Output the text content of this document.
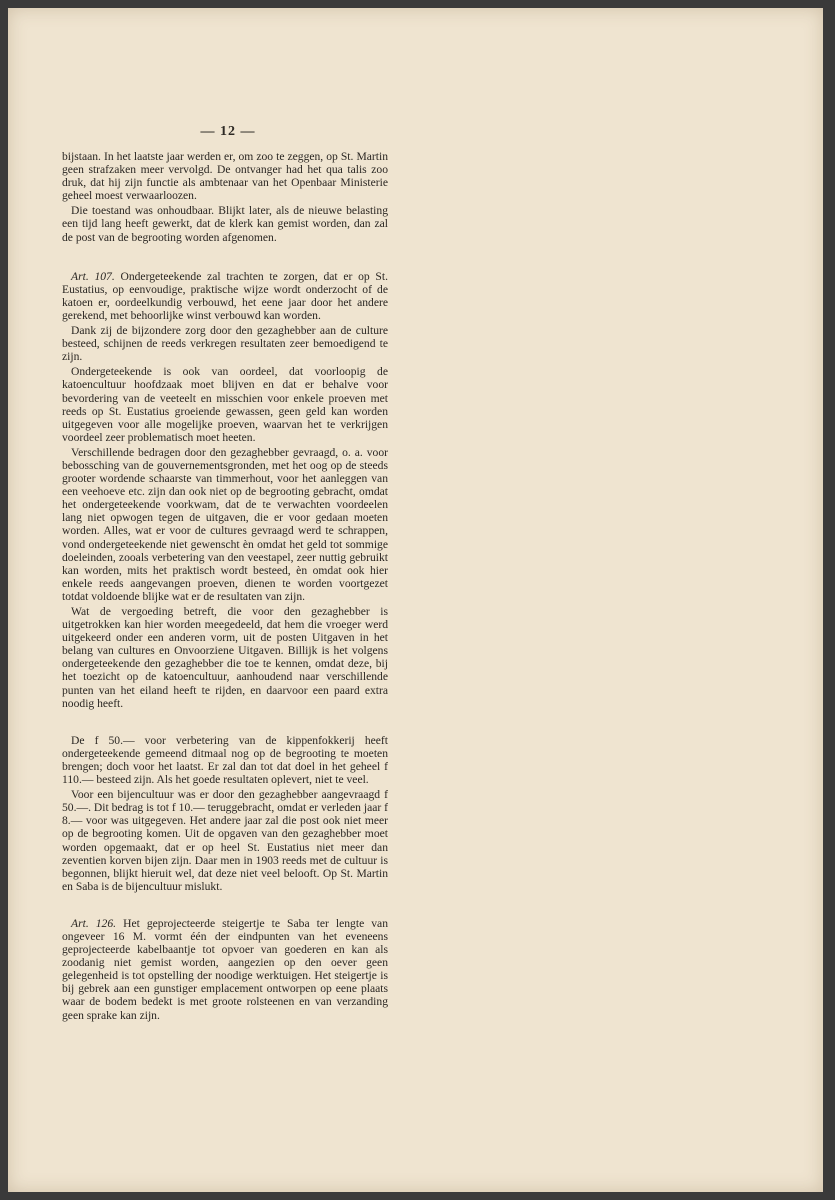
— 12 —

bijstaan. In het laatste jaar werden er, om zoo te zeggen, op St. Martin geen strafzaken meer vervolgd. De ontvanger had het qua talis zoo druk, dat hij zijn functie als ambtenaar van het Openbaar Ministerie geheel moest verwaarloozen.

Die toestand was onhoudbaar. Blijkt later, als de nieuwe belasting een tijd lang heeft gewerkt, dat de klerk kan gemist worden, dan zal de post van de begrooting worden afgenomen.

Art. 107. Ondergeteekende zal trachten te zorgen, dat er op St. Eustatius, op eenvoudige, praktische wijze wordt onderzocht of de katoen er, oordeelkundig verbouwd, het eene jaar door het andere gerekend, met behoorlijke winst verbouwd kan worden.

Dank zij de bijzondere zorg door den gezaghebber aan de culture besteed, schijnen de reeds verkregen resultaten zeer bemoedigend te zijn.

Ondergeteekende is ook van oordeel, dat voorloopig de katoencultuur hoofdzaak moet blijven en dat er behalve voor bevordering van de veeteelt en misschien voor enkele proeven met reeds op St. Eustatius groeiende gewassen, geen geld kan worden uitgegeven voor alle mogelijke proeven, waarvan het te verkrijgen voordeel zeer problematisch moet heeten.

Verschillende bedragen door den gezaghebber gevraagd, o. a. voor bebossching van de gouvernementsgronden, met het oog op de steeds grooter wordende schaarste van timmerhout, voor het aanleggen van een veehoeve etc. zijn dan ook niet op de begrooting gebracht, omdat het ondergeteekende voorkwam, dat de te verwachten voordeelen lang niet opwogen tegen de uitgaven, die er voor gedaan moeten worden. Alles, wat er voor de cultures gevraagd werd te schrappen, vond ondergeteekende niet gewenscht èn omdat het geld tot sommige doeleinden, zooals verbetering van den veestapel, zeer nuttig gebruikt kan worden, mits het praktisch wordt besteed, èn omdat ook hier enkele reeds aangevangen proeven, dienen te worden voortgezet totdat voldoende blijke wat er de resultaten van zijn.

Wat de vergoeding betreft, die voor den gezaghebber is uitgetrokken kan hier worden meegedeeld, dat hem die vroeger werd uitgekeerd onder een anderen vorm, uit de posten Uitgaven in het belang van cultures en Onvoorziene Uitgaven. Billijk is het volgens ondergeteekende den gezaghebber die toe te kennen, omdat deze, bij het toezicht op de katoencultuur, aanhoudend naar verschillende punten van het eiland heeft te rijden, en daarvoor een paard extra noodig heeft.

De f 50.— voor verbetering van de kippenfokkerij heeft ondergeteekende gemeend ditmaal nog op de begrooting te moeten brengen; doch voor het laatst. Er zal dan tot dat doel in het geheel f 110.— besteed zijn. Als het goede resultaten oplevert, niet te veel.

Voor een bijencultuur was er door den gezaghebber aangevraagd f 50.—. Dit bedrag is tot f 10.— teruggebracht, omdat er verleden jaar f 8.— voor was uitgegeven. Het andere jaar zal die post ook niet meer op de begrooting komen. Uit de opgaven van den gezaghebber moet worden opgemaakt, dat er op heel St. Eustatius niet meer dan zeventien korven bijen zijn. Daar men in 1903 reeds met de cultuur is begonnen, blijkt hieruit wel, dat deze niet veel belooft. Op St. Martin en Saba is de bijencultuur mislukt.

Art. 126. Het geprojecteerde steigertje te Saba ter lengte van ongeveer 16 M. vormt één der eindpunten van het eveneens geprojecteerde kabelbaantje tot opvoer van goederen en kan als zoodanig niet gemist worden, aangezien op den oever geen gelegenheid is tot opstelling der noodige werktuigen. Het steigertje is bij gebrek aan een gunstiger emplacement ontworpen op eene plaats waar de bodem bedekt is met groote rolsteenen en van verzanding geen sprake kan zijn.
